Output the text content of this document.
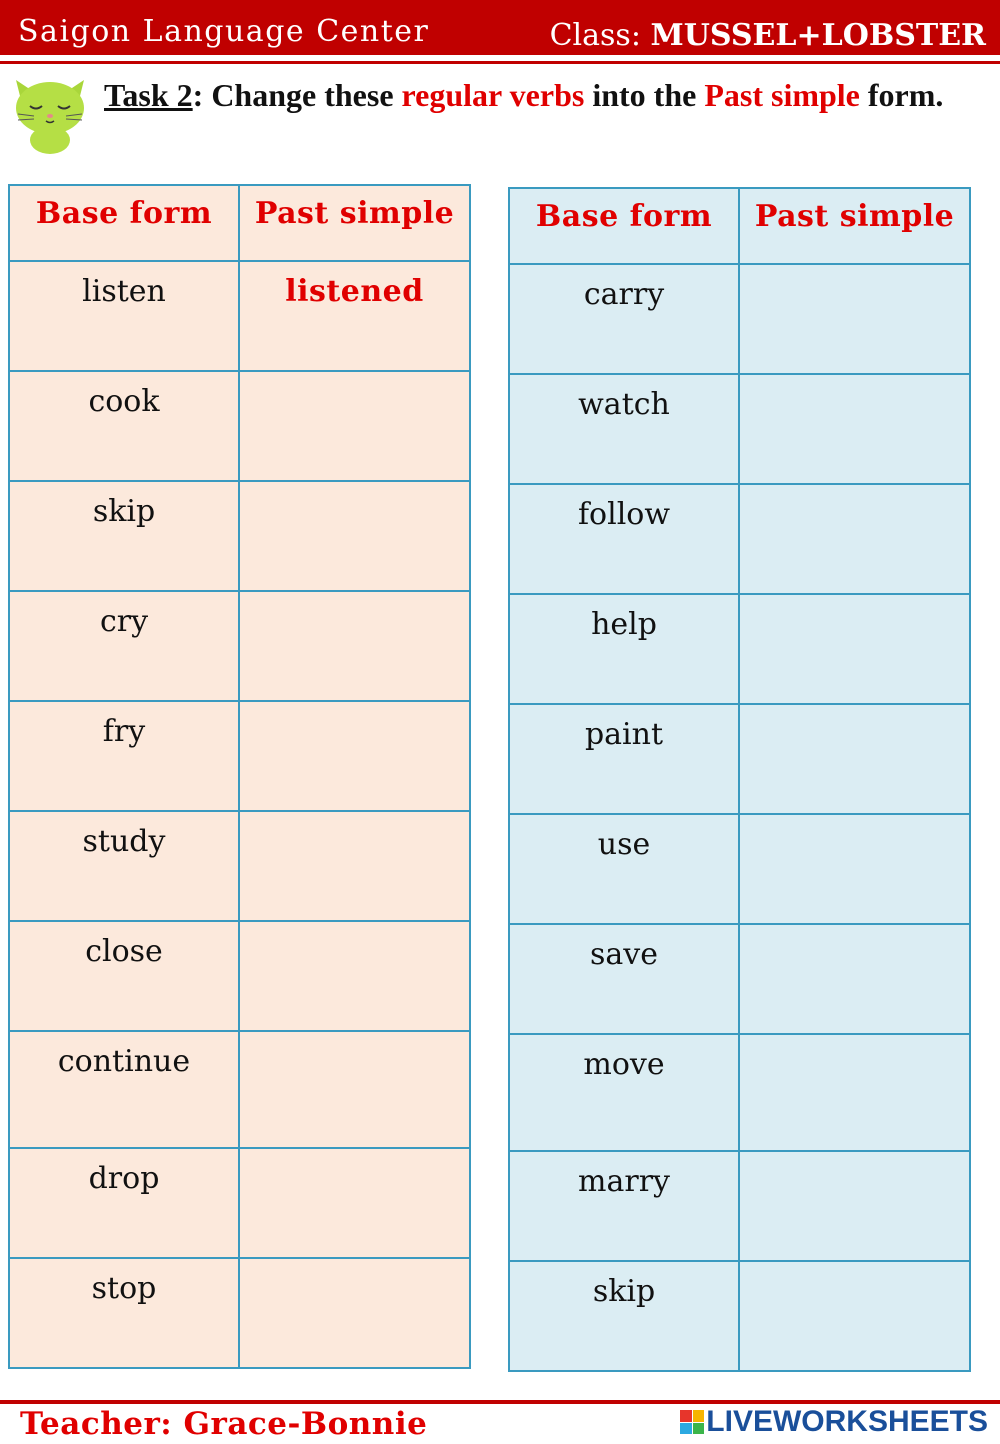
Saigon Language Center	Class: MUSSEL+LOBSTER
Task 2: Change these regular verbs into the Past simple form.
Base form	Past simple
listen	listened
cook	
skip	
cry	
fry	
study	
close	
continue	
drop	
stop	
Base form	Past simple
carry	
watch	
follow	
help	
paint	
use	
save	
move	
marry	
skip	
Teacher: Grace-Bonnie	LIVEWORKSHEETS
